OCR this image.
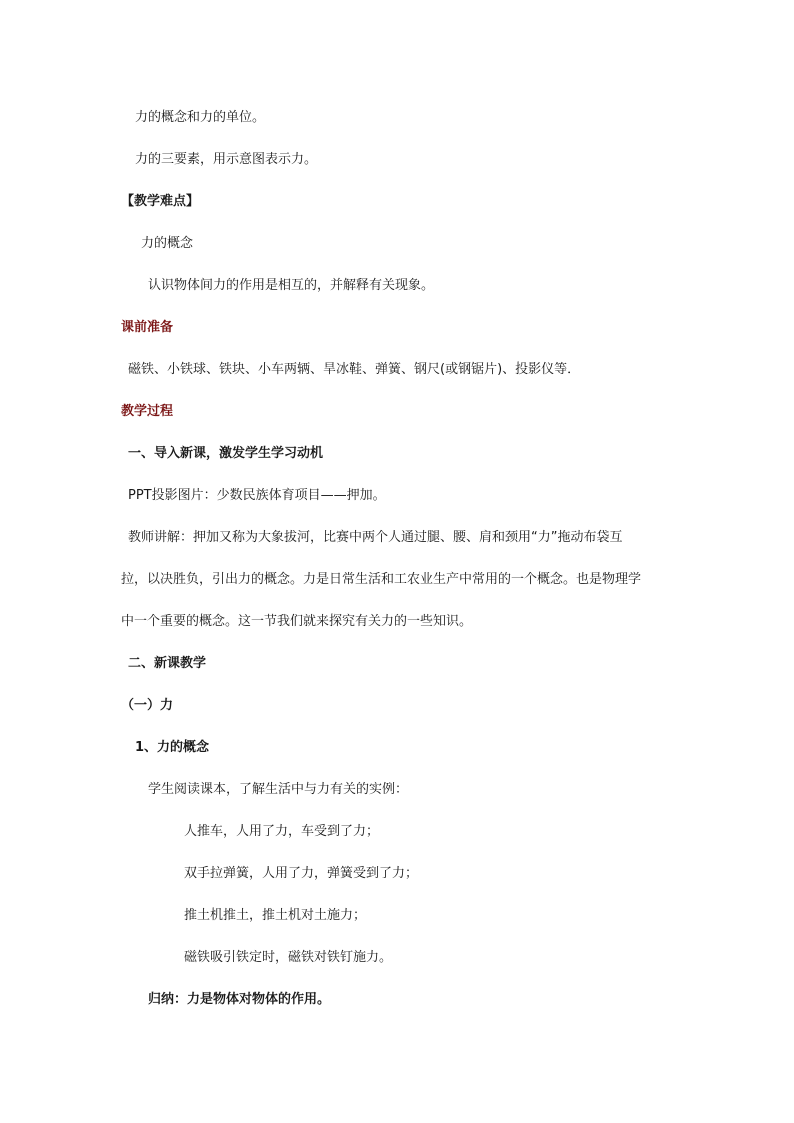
力的概念和力的单位。

力的三要素，用示意图表示力。

【教学难点】

力的概念

认识物体间力的作用是相互的，并解释有关现象。

课前准备

磁铁、小铁球、铁块、小车两辆、旱冰鞋、弹簧、钢尺(或钢锯片)、投影仪等．

教学过程

一、导入新课，激发学生学习动机

PPT投影图片：少数民族体育项目——押加。

教师讲解：押加又称为大象拔河，比赛中两个人通过腿、腰、肩和颈用“力”拖动布袋互

拉，以决胜负，引出力的概念。力是日常生活和工农业生产中常用的一个概念。也是物理学

中一个重要的概念。这一节我们就来探究有关力的一些知识。

二、新课教学

（一）力

1、力的概念

学生阅读课本，了解生活中与力有关的实例：

人推车，人用了力，车受到了力；

双手拉弹簧，人用了力，弹簧受到了力；

推土机推土，推土机对土施力；

磁铁吸引铁定时，磁铁对铁钉施力。

归纳：力是物体对物体的作用。
